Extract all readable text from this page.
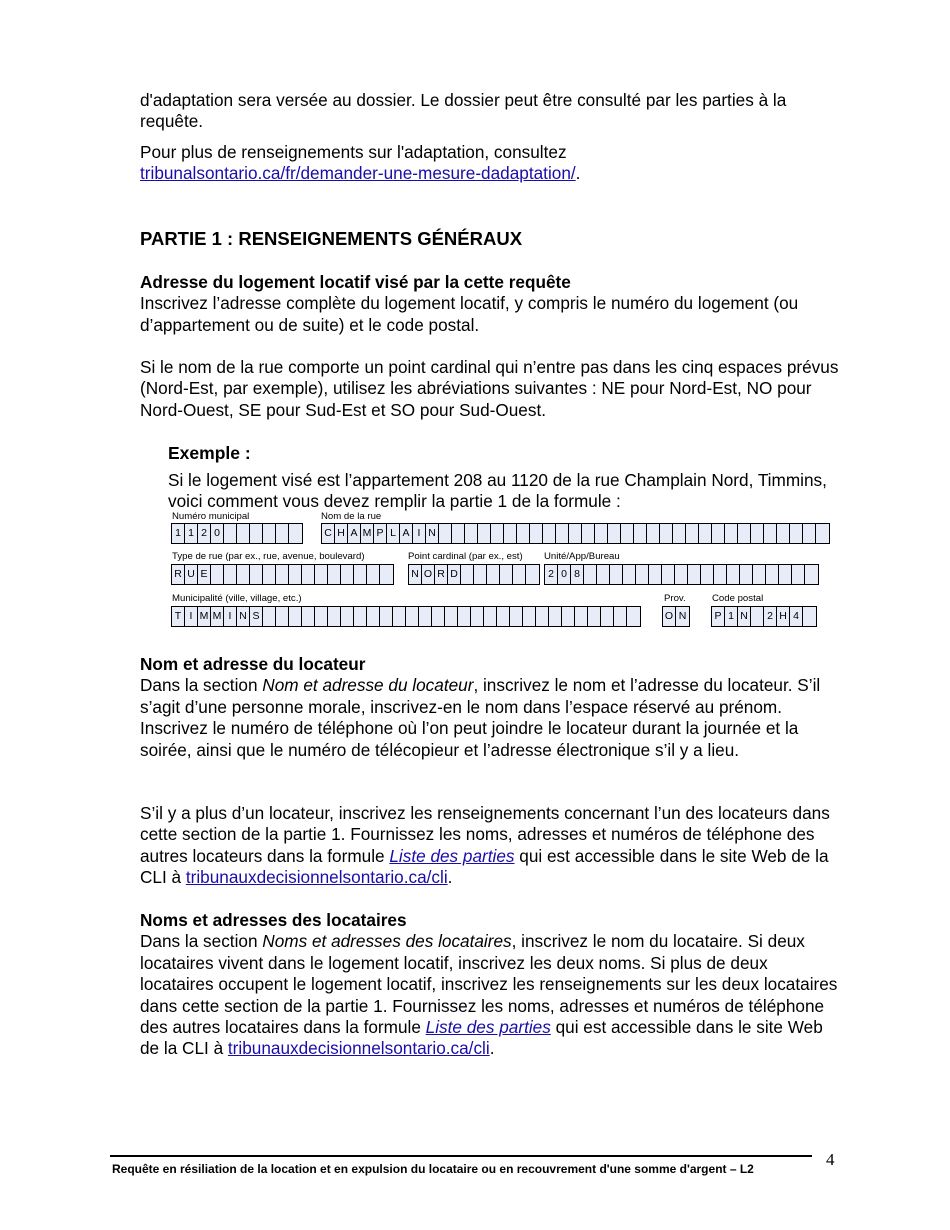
d'adaptation sera versée au dossier. Le dossier peut être consulté par les parties à la requête.

Pour plus de renseignements sur l'adaptation, consultez
tribunalsontario.ca/fr/demander-une-mesure-dadaptation/.

PARTIE 1 : RENSEIGNEMENTS GÉNÉRAUX
Adresse du logement locatif visé par la cette requête
Inscrivez l’adresse complète du logement locatif, y compris le numéro du logement (ou d’appartement ou de suite) et le code postal.

Si le nom de la rue comporte un point cardinal qui n’entre pas dans les cinq espaces prévus (Nord-Est, par exemple), utilisez les abréviations suivantes : NE pour Nord-Est, NO pour Nord-Ouest, SE pour Sud-Est et SO pour Sud-Ouest.

Exemple :
Si le logement visé est l’appartement 208 au 1120 de la rue Champlain Nord, Timmins, voici comment vous devez remplir la partie 1 de la formule :
Numéro municipal
1 1 2 0
Nom de la rue
C H A M P L A I N
Type de rue (par ex., rue, avenue, boulevard)
R U E
Point cardinal (par ex., est)
N O R D
Unité/App/Bureau
2 0 8
Municipalité (ville, village, etc.)
T I M M I N S
Prov.
O N
Code postal
P 1 N	2 H 4
Nom et adresse du locateur
Dans la section Nom et adresse du locateur, inscrivez le nom et l’adresse du locateur. S’il s’agit d’une personne morale, inscrivez-en le nom dans l’espace réservé au prénom. Inscrivez le numéro de téléphone où l’on peut joindre le locateur durant la journée et la soirée, ainsi que le numéro de télécopieur et l’adresse électronique s’il y a lieu.

S’il y a plus d’un locateur, inscrivez les renseignements concernant l’un des locateurs dans cette section de la partie 1. Fournissez les noms, adresses et numéros de téléphone des autres locateurs dans la formule Liste des parties qui est accessible dans le site Web de la CLI à tribunauxdecisionnelsontario.ca/cli.

Noms et adresses des locataires
Dans la section Noms et adresses des locataires, inscrivez le nom du locataire. Si deux locataires vivent dans le logement locatif, inscrivez les deux noms. Si plus de deux locataires occupent le logement locatif, inscrivez les renseignements sur les deux locataires dans cette section de la partie 1. Fournissez les noms, adresses et numéros de téléphone des autres locataires dans la formule Liste des parties qui est accessible dans le site Web de la CLI à tribunauxdecisionnelsontario.ca/cli.
Requête en résiliation de la location et en expulsion du locataire ou en recouvrement d'une somme d'argent – L2	4
